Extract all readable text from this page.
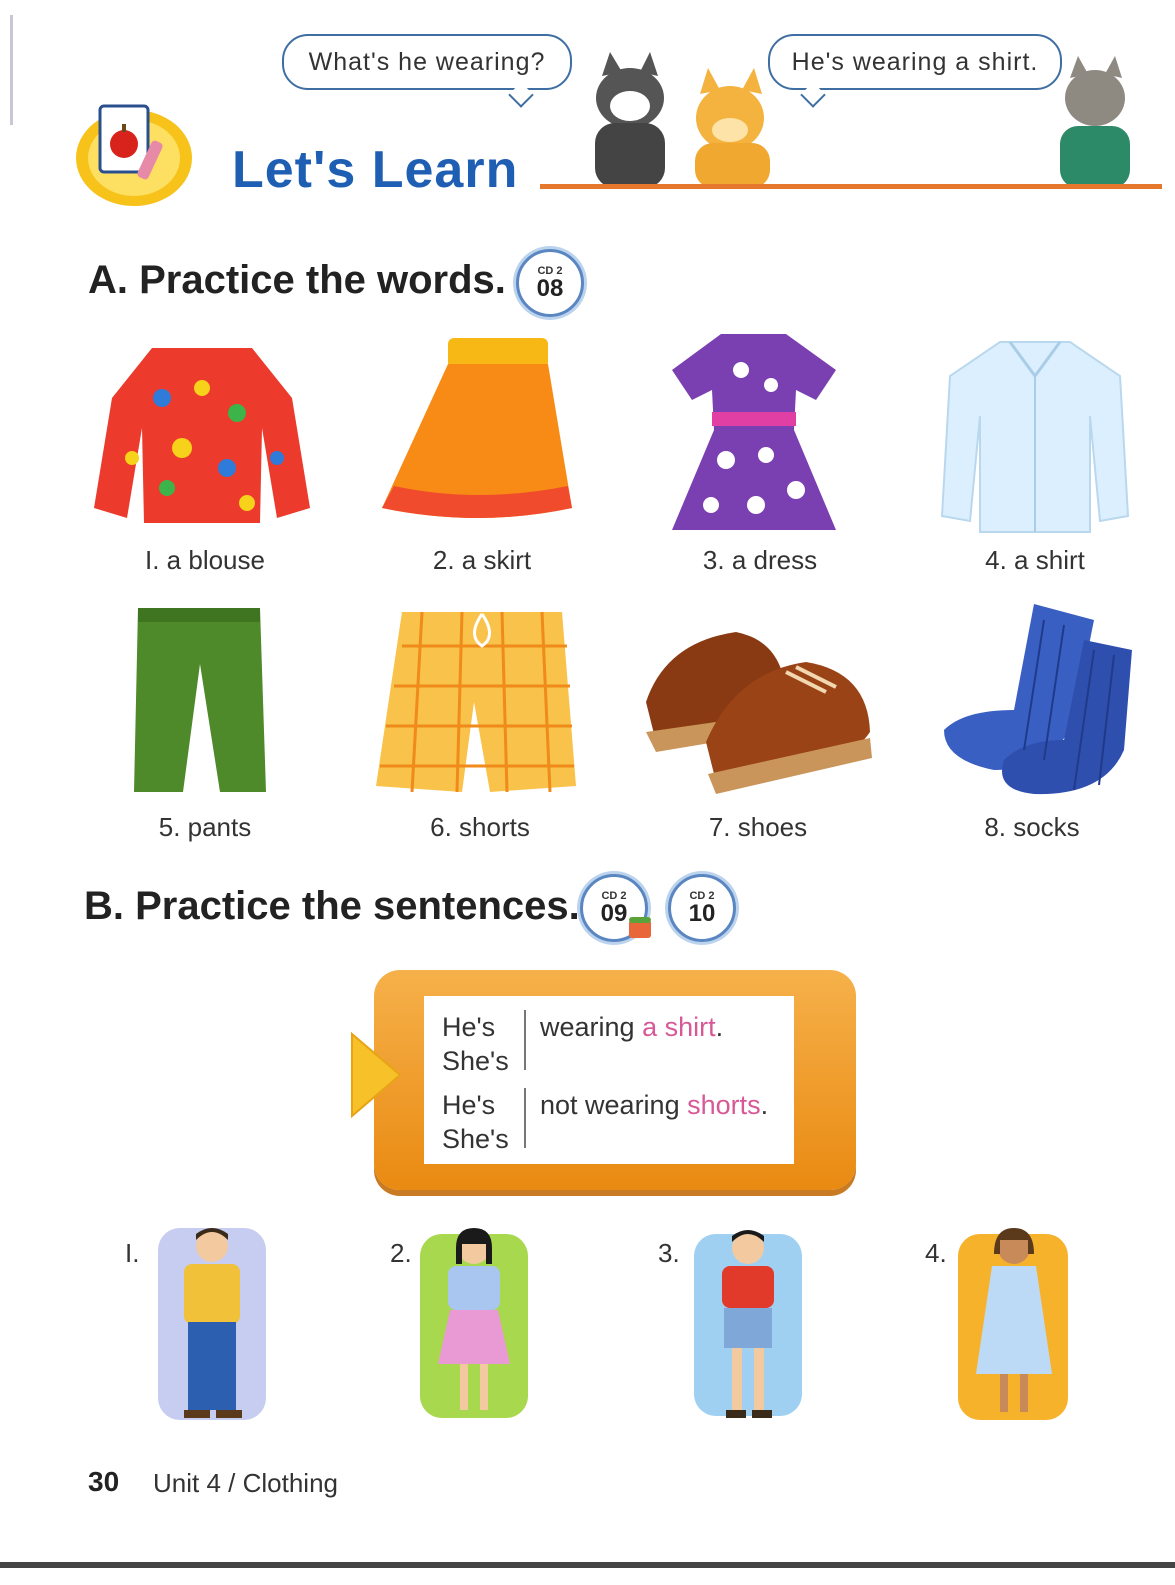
What's he wearing?	He's wearing a shirt.
Let's Learn
A. Practice the words.	CD 2
08
I. a blouse	2. a skirt	3. a dress	4. a shirt
5. pants	6. shorts	7. shoes	8. socks
B. Practice the sentences. CD 2
09
CD 2
10
He's
She's
wearing a shirt.
He's
She's
not wearing shorts.
I.	2.	3.	4.
30 Unit 4 / Clothing
